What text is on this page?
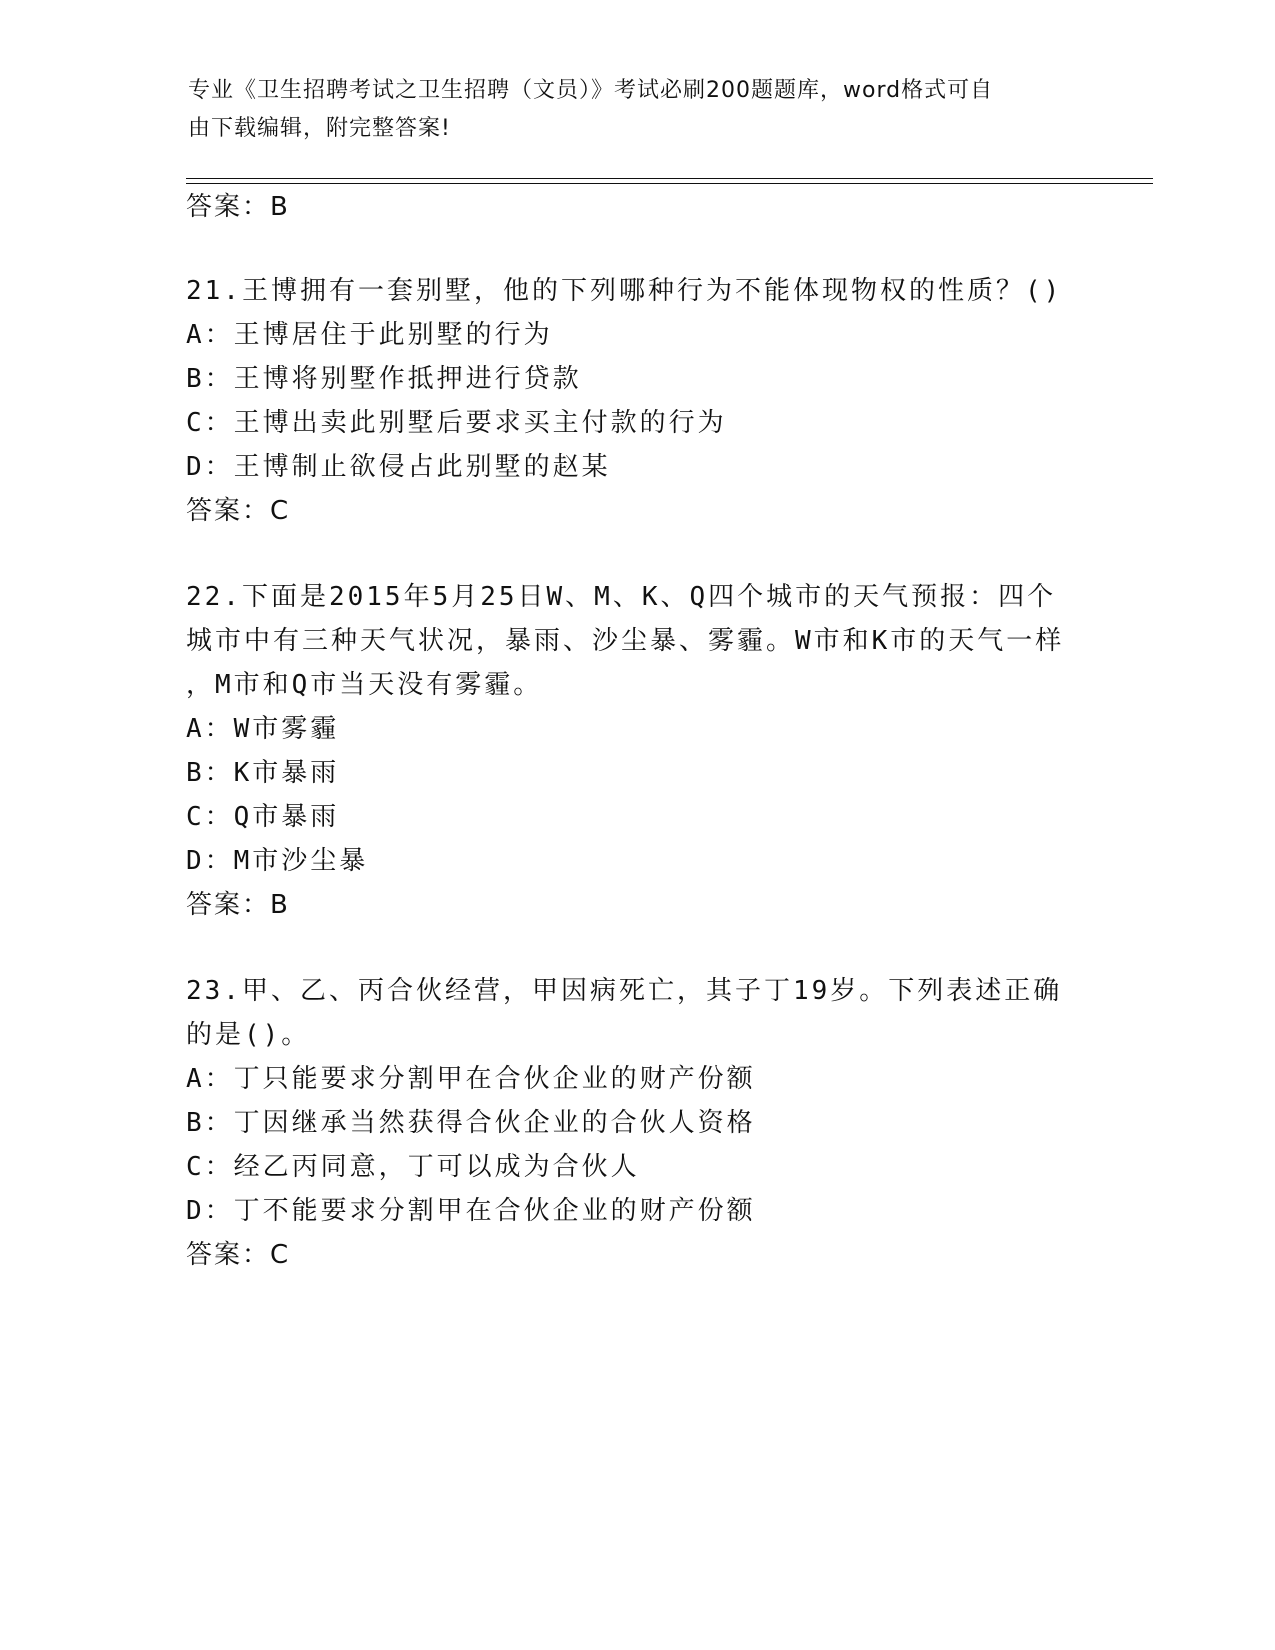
专业《卫生招聘考试之卫生招聘（文员）》考试必刷200题题库，word格式可自
由下载编辑，附完整答案!
答案：B
21.王博拥有一套别墅，他的下列哪种行为不能体现物权的性质？()
A：王博居住于此别墅的行为
B：王博将别墅作抵押进行贷款
C：王博出卖此别墅后要求买主付款的行为
D：王博制止欲侵占此别墅的赵某
答案：C
22.下面是2015年5月25日W、M、K、Q四个城市的天气预报：四个
城市中有三种天气状况，暴雨、沙尘暴、雾霾。W市和K市的天气一样
，M市和Q市当天没有雾霾。
A：W市雾霾
B：K市暴雨
C：Q市暴雨
D：M市沙尘暴
答案：B
23.甲、乙、丙合伙经营，甲因病死亡，其子丁19岁。下列表述正确
的是()。
A：丁只能要求分割甲在合伙企业的财产份额
B：丁因继承当然获得合伙企业的合伙人资格
C：经乙丙同意，丁可以成为合伙人
D：丁不能要求分割甲在合伙企业的财产份额
答案：C
